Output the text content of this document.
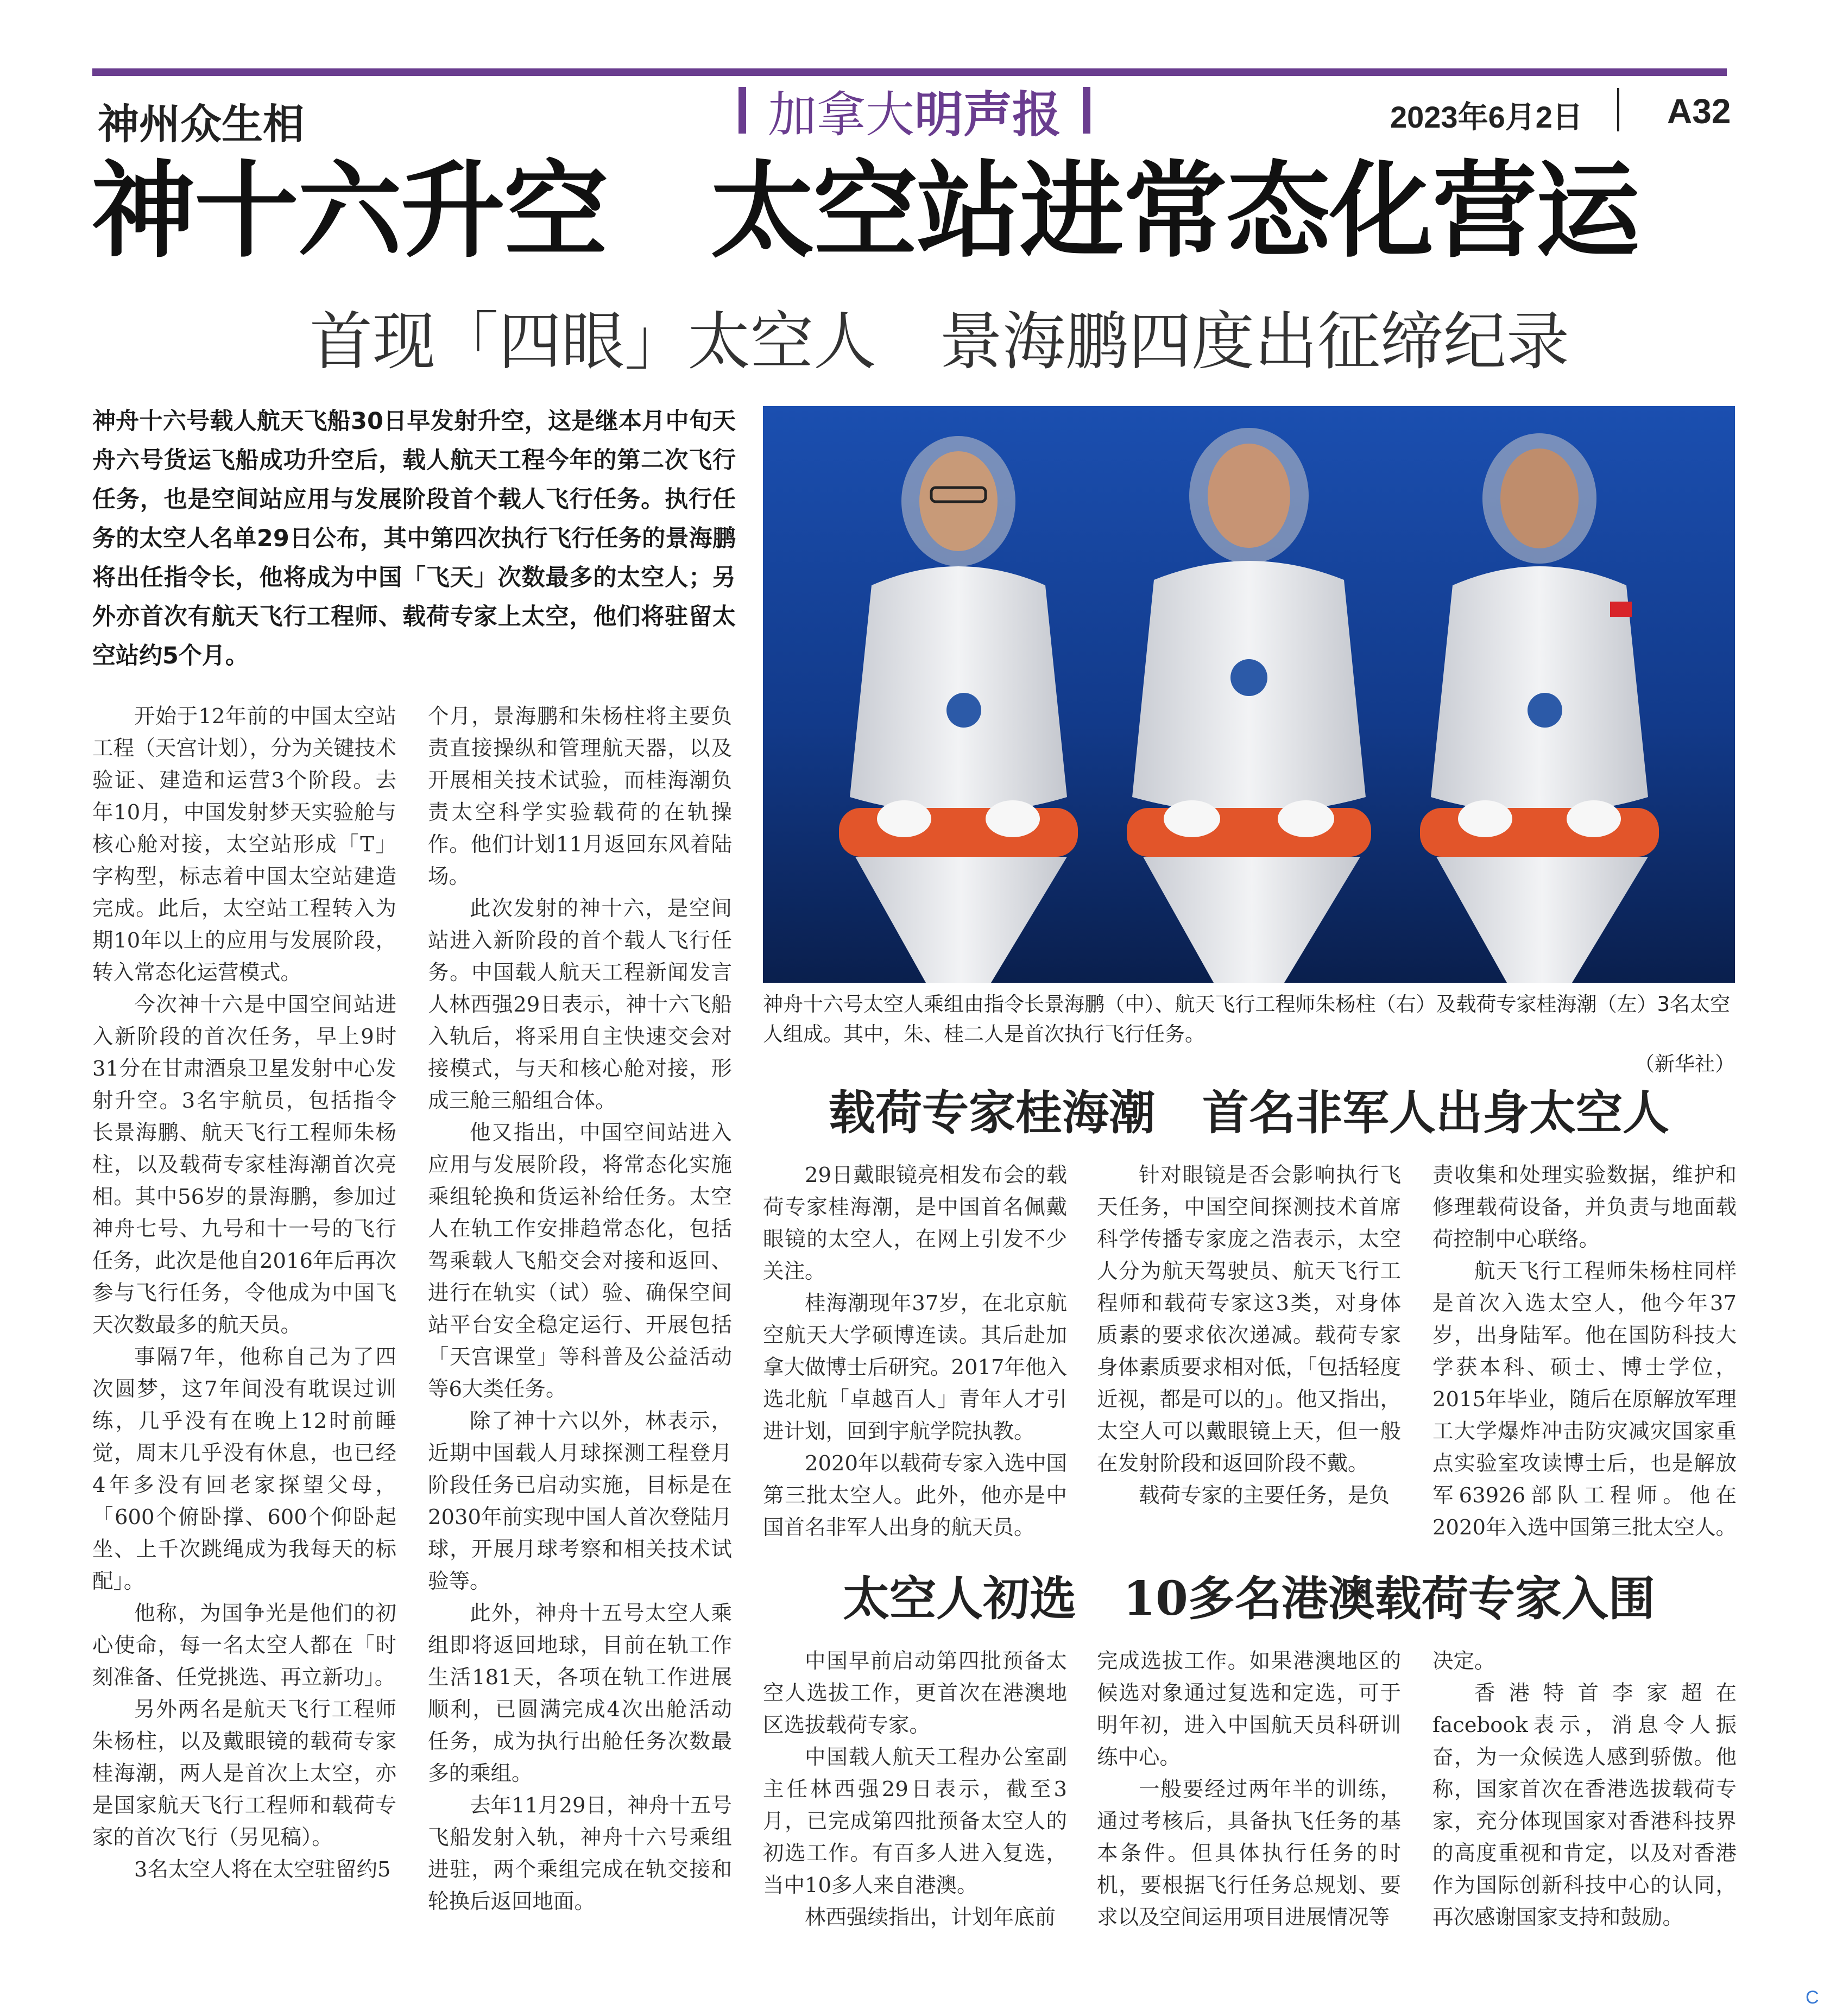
神州众生相	加拿大明声报	2023年6月2日 A32
神十六升空　太空站进常态化营运
首现「四眼」太空人　景海鹏四度出征缔纪录
神舟十六号载人航天飞船30日早发射升空，这是继本月中旬天舟六号货运飞船成功升空后，载人航天工程今年的第二次飞行任务，也是空间站应用与发展阶段首个载人飞行任务。执行任务的太空人名单29日公布，其中第四次执行飞行任务的景海鹏将出任指令长，他将成为中国「飞天」次数最多的太空人；另外亦首次有航天飞行工程师、载荷专家上太空，他们将驻留太空站约5个月。

开始于12年前的中国太空站工程（天宫计划），分为关键技术验证、建造和运营3个阶段。去年10月，中国发射梦天实验舱与核心舱对接，太空站形成「T」字构型，标志着中国太空站建造完成。此后，太空站工程转入为期10年以上的应用与发展阶段，转入常态化运营模式。

今次神十六是中国空间站进入新阶段的首次任务，早上9时31分在甘肃酒泉卫星发射中心发射升空。3名宇航员，包括指令长景海鹏、航天飞行工程师朱杨柱，以及载荷专家桂海潮首次亮相。其中56岁的景海鹏，参加过神舟七号、九号和十一号的飞行任务，此次是他自2016年后再次参与飞行任务，令他成为中国飞天次数最多的航天员。

事隔7年，他称自己为了四次圆梦，这7年间没有耽误过训练，几乎没有在晚上12时前睡觉，周末几乎没有休息，也已经4年多没有回老家探望父母，「600个俯卧撑、600个仰卧起坐、上千次跳绳成为我每天的标配」。

他称，为国争光是他们的初心使命，每一名太空人都在「时刻准备、任党挑选、再立新功」。

另外两名是航天飞行工程师朱杨柱，以及戴眼镜的载荷专家桂海潮，两人是首次上太空，亦是国家航天飞行工程师和载荷专家的首次飞行（另见稿）。

3名太空人将在太空驻留约5

个月，景海鹏和朱杨柱将主要负责直接操纵和管理航天器，以及开展相关技术试验，而桂海潮负责太空科学实验载荷的在轨操作。他们计划11月返回东风着陆场。

此次发射的神十六，是空间站进入新阶段的首个载人飞行任务。中国载人航天工程新闻发言人林西强29日表示，神十六飞船入轨后，将采用自主快速交会对接模式，与天和核心舱对接，形成三舱三船组合体。

他又指出，中国空间站进入应用与发展阶段，将常态化实施乘组轮换和货运补给任务。太空人在轨工作安排趋常态化，包括驾乘载人飞船交会对接和返回、进行在轨实（试）验、确保空间站平台安全稳定运行、开展包括「天宫课堂」等科普及公益活动等6大类任务。

除了神十六以外，林表示，近期中国载人月球探测工程登月阶段任务已启动实施，目标是在2030年前实现中国人首次登陆月球，开展月球考察和相关技术试验等。

此外，神舟十五号太空人乘组即将返回地球，目前在轨工作生活181天，各项在轨工作进展顺利，已圆满完成4次出舱活动任务，成为执行出舱任务次数最多的乘组。

去年11月29日，神舟十五号飞船发射入轨，神舟十六号乘组进驻，两个乘组完成在轨交接和轮换后返回地面。

神舟十六号太空人乘组由指令长景海鹏（中）、航天飞行工程师朱杨柱（右）及载荷专家桂海潮（左）3名太空人组成。其中，朱、桂二人是首次执行飞行任务。
（新华社）
载荷专家桂海潮　首名非军人出身太空人

29日戴眼镜亮相发布会的载荷专家桂海潮，是中国首名佩戴眼镜的太空人，在网上引发不少关注。

桂海潮现年37岁，在北京航空航天大学硕博连读。其后赴加拿大做博士后研究。2017年他入选北航「卓越百人」青年人才引进计划，回到宇航学院执教。

2020年以载荷专家入选中国第三批太空人。此外，他亦是中国首名非军人出身的航天员。

针对眼镜是否会影响执行飞天任务，中国空间探测技术首席科学传播专家庞之浩表示，太空人分为航天驾驶员、航天飞行工程师和载荷专家这3类，对身体质素的要求依次递减。载荷专家身体素质要求相对低，「包括轻度近视，都是可以的」。他又指出，太空人可以戴眼镜上天，但一般在发射阶段和返回阶段不戴。

载荷专家的主要任务，是负

责收集和处理实验数据，维护和修理载荷设备，并负责与地面载荷控制中心联络。

航天飞行工程师朱杨柱同样是首次入选太空人，他今年37岁，出身陆军。他在国防科技大学获本科、硕士、博士学位，2015年毕业，随后在原解放军理工大学爆炸冲击防灾减灾国家重点实验室攻读博士后，也是解放军63926部队工程师。他在2020年入选中国第三批太空人。

太空人初选　10多名港澳载荷专家入围

中国早前启动第四批预备太空人选拔工作，更首次在港澳地区选拔载荷专家。

中国载人航天工程办公室副主任林西强29日表示，截至3月，已完成第四批预备太空人的初选工作。有百多人进入复选，当中10多人来自港澳。

林西强续指出，计划年底前

完成选拔工作。如果港澳地区的候选对象通过复选和定选，可于明年初，进入中国航天员科研训练中心。

一般要经过两年半的训练，通过考核后，具备执飞任务的基本条件。但具体执行任务的时机，要根据飞行任务总规划、要求以及空间运用项目进展情况等

决定。

香港特首李家超在facebook表示，消息令人振奋，为一众候选人感到骄傲。他称，国家首次在香港选拔载荷专家，充分体现国家对香港科技界的高度重视和肯定，以及对香港作为国际创新科技中心的认同，再次感谢国家支持和鼓励。

C
